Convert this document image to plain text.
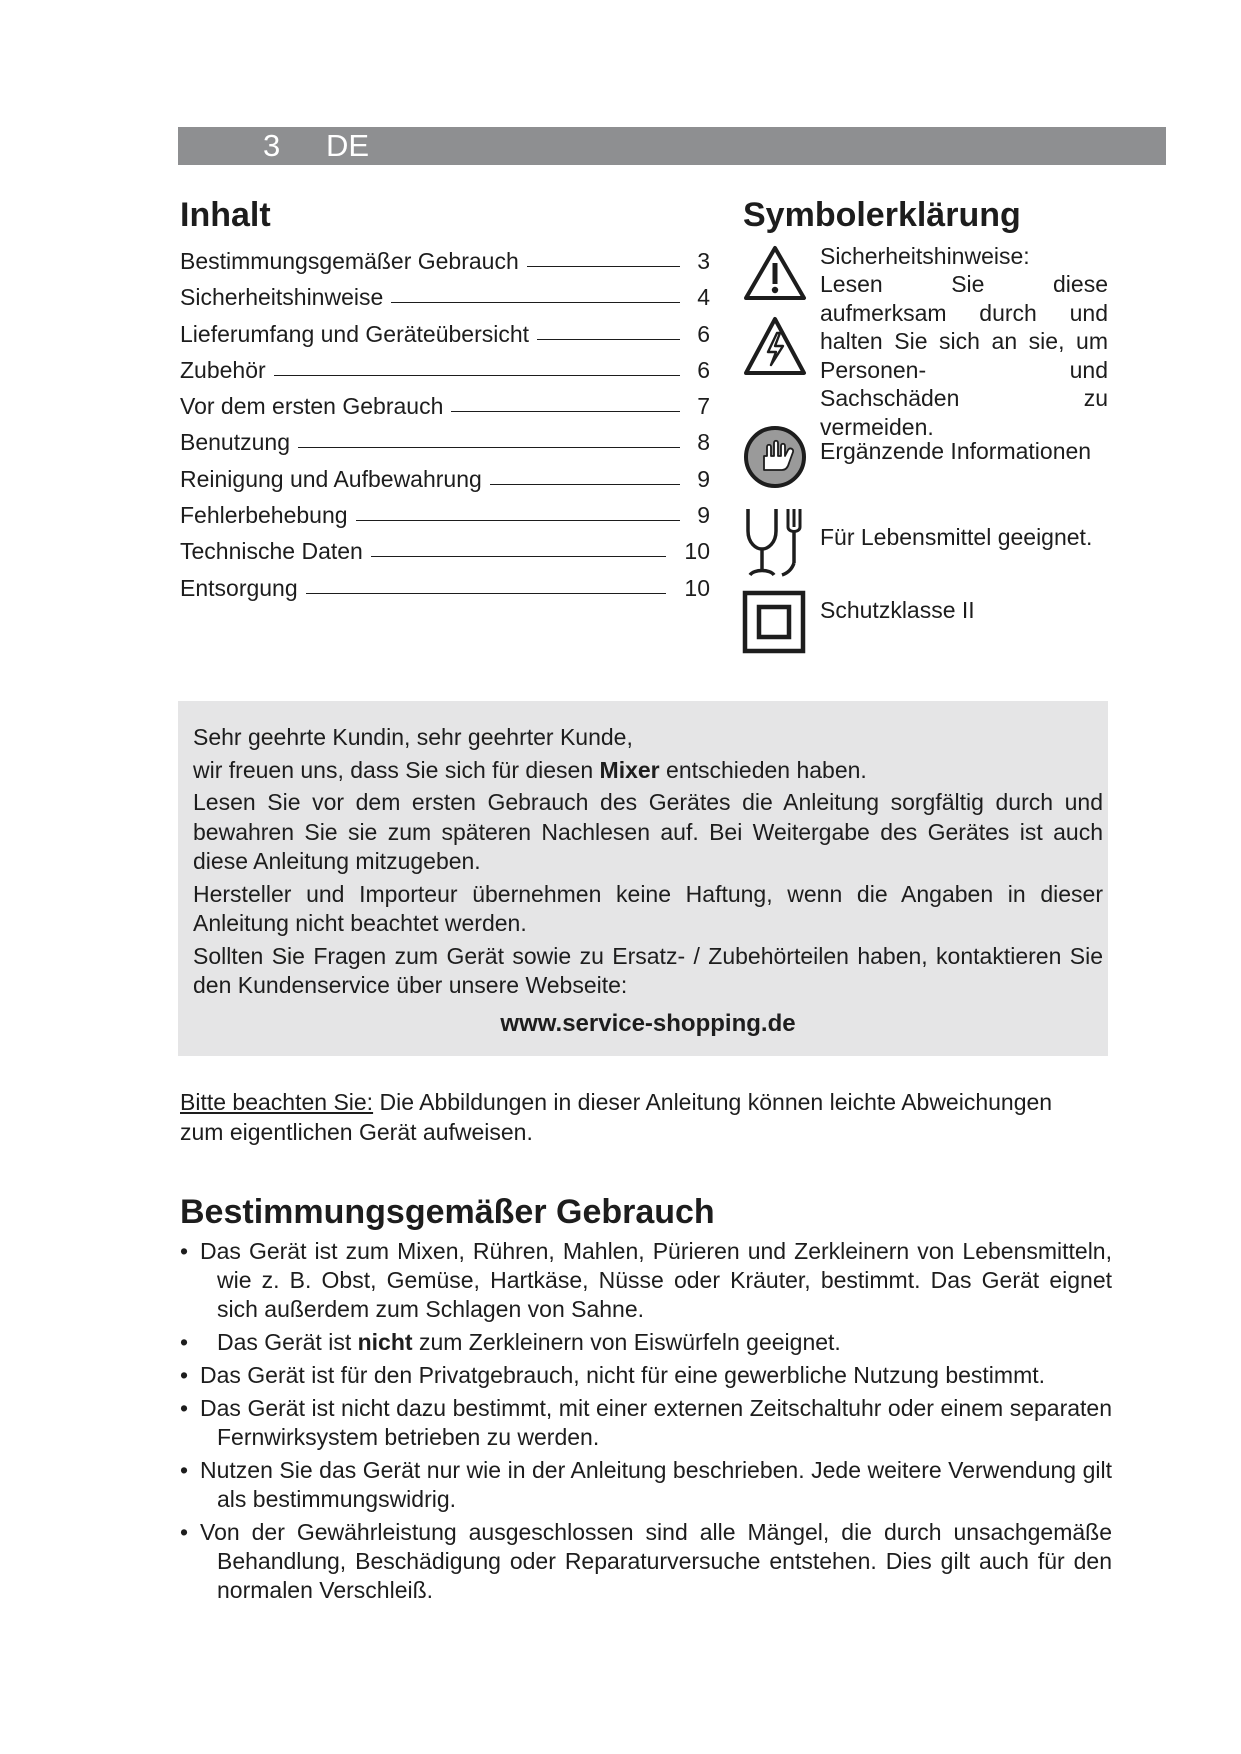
3 DE
Inhalt
Bestimmungsgemäßer Gebrauch	3
Sicherheitshinweise	4
Lieferumfang und Geräteübersicht	6
Zubehör	6
Vor dem ersten Gebrauch	7
Benutzung	8
Reinigung und Aufbewahrung	9
Fehlerbehebung	9
Technische Daten	10
Entsorgung	10
Symbolerklärung
Sicherheitshinweise:
Lesen Sie diese aufmerksam durch und halten Sie sich an sie, um Personen- und Sachschäden zu vermeiden.
Ergänzende Informationen
Für Lebensmittel geeignet.
Schutzklasse II

Sehr geehrte Kundin, sehr geehrter Kunde,

wir freuen uns, dass Sie sich für diesen Mixer entschieden haben.

Lesen Sie vor dem ersten Gebrauch des Gerätes die Anleitung sorgfältig durch und bewahren Sie sie zum späteren Nachlesen auf. Bei Weitergabe des Gerätes ist auch diese Anleitung mitzugeben.

Hersteller und Importeur übernehmen keine Haftung, wenn die Angaben in dieser Anleitung nicht beachtet werden.

Sollten Sie Fragen zum Gerät sowie zu Ersatz- / Zubehörteilen haben, kontaktieren Sie den Kundenservice über unsere Webseite:

www.service-shopping.de
Bitte beachten Sie: Die Abbildungen in dieser Anleitung können leichte Abweichungen zum eigentlichen Gerät aufweisen.
Bestimmungsgemäßer Gebrauch
• Das Gerät ist zum Mixen, Rühren, Mahlen, Pürieren und Zerkleinern von Lebensmitteln, wie z. B. Obst, Gemüse, Hartkäse, Nüsse oder Kräuter, bestimmt. Das Gerät eignet sich außerdem zum Schlagen von Sahne.
•	Das Gerät ist nicht zum Zerkleinern von Eiswürfeln geeignet.
• Das Gerät ist für den Privatgebrauch, nicht für eine gewerbliche Nutzung bestimmt.
• Das Gerät ist nicht dazu bestimmt, mit einer externen Zeitschaltuhr oder einem separaten Fernwirksystem betrieben zu werden.
• Nutzen Sie das Gerät nur wie in der Anleitung beschrieben. Jede weitere Verwendung gilt als bestimmungswidrig.
• Von der Gewährleistung ausgeschlossen sind alle Mängel, die durch unsachgemäße Behandlung, Beschädigung oder Reparaturversuche entstehen. Dies gilt auch für den normalen Verschleiß.
